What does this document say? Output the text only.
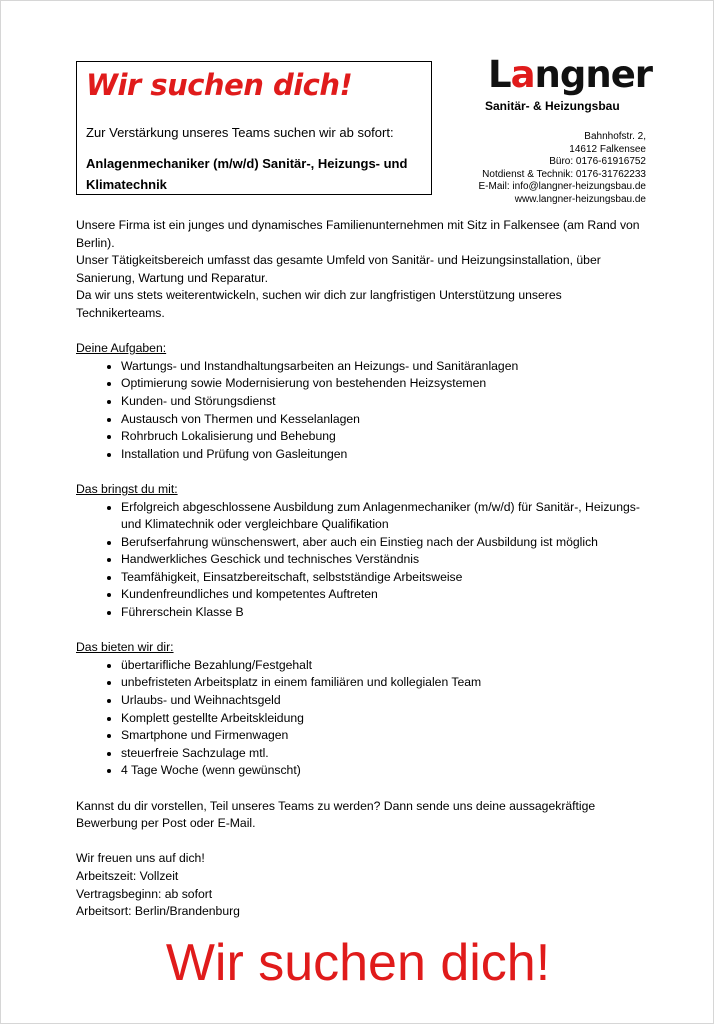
Wir suchen dich!
Zur Verstärkung unseres Teams suchen wir ab sofort:
Anlagenmechaniker (m/w/d) Sanitär-, Heizungs- und Klimatechnik
Langner
Sanitär- & Heizungsbau
Bahnhofstr. 2,
14612 Falkensee
Büro: 0176-61916752
Notdienst & Technik: 0176-31762233
E-Mail: info@langner-heizungsbau.de
www.langner-heizungsbau.de

Unsere Firma ist ein junges und dynamisches Familienunternehmen mit Sitz in Falkensee (am Rand von Berlin).

Unser Tätigkeitsbereich umfasst das gesamte Umfeld von Sanitär- und Heizungsinstallation, über Sanierung, Wartung und Reparatur.

Da wir uns stets weiterentwickeln, suchen wir dich zur langfristigen Unterstützung unseres Technikerteams.

Deine Aufgaben:

• Wartungs- und Instandhaltungsarbeiten an Heizungs- und Sanitäranlagen
• Optimierung sowie Modernisierung von bestehenden Heizsystemen
• Kunden- und Störungsdienst
• Austausch von Thermen und Kesselanlagen
• Rohrbruch Lokalisierung und Behebung
• Installation und Prüfung von Gasleitungen

Das bringst du mit:

• Erfolgreich abgeschlossene Ausbildung zum Anlagenmechaniker (m/w/d) für Sanitär-, Heizungs- und Klimatechnik oder vergleichbare Qualifikation
• Berufserfahrung wünschenswert, aber auch ein Einstieg nach der Ausbildung ist möglich
• Handwerkliches Geschick und technisches Verständnis
• Teamfähigkeit, Einsatzbereitschaft, selbstständige Arbeitsweise
• Kundenfreundliches und kompetentes Auftreten
• Führerschein Klasse B

Das bieten wir dir:

• übertarifliche Bezahlung/Festgehalt
• unbefristeten Arbeitsplatz in einem familiären und kollegialen Team
• Urlaubs- und Weihnachtsgeld
• Komplett gestellte Arbeitskleidung
• Smartphone und Firmenwagen
• steuerfreie Sachzulage mtl.
• 4 Tage Woche (wenn gewünscht)

Kannst du dir vorstellen, Teil unseres Teams zu werden? Dann sende uns deine aussagekräftige Bewerbung per Post oder E-Mail.

Wir freuen uns auf dich!

Arbeitszeit: Vollzeit

Vertragsbeginn: ab sofort

Arbeitsort: Berlin/Brandenburg

Wir suchen dich!
